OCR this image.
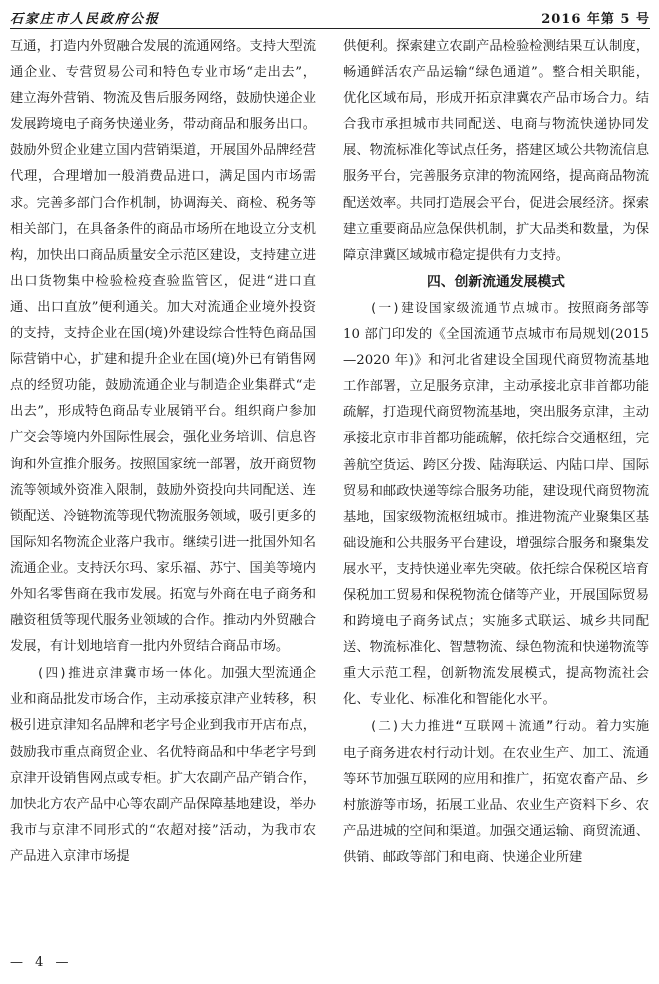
石家庄市人民政府公报	2016 年第 5 号

互通，打造内外贸融合发展的流通网络。支持大型流通企业、专营贸易公司和特色专业市场“走出去”，建立海外营销、物流及售后服务网络，鼓励快递企业发展跨境电子商务快递业务，带动商品和服务出口。鼓励外贸企业建立国内营销渠道，开展国外品牌经营代理，合理增加一般消费品进口，满足国内市场需求。完善多部门合作机制，协调海关、商检、税务等相关部门，在具备条件的商品市场所在地设立分支机构，加快出口商品质量安全示范区建设，支持建立进出口货物集中检验检疫查验监管区，促进“进口直通、出口直放”便利通关。加大对流通企业境外投资的支持，支持企业在国(境)外建设综合性特色商品国际营销中心，扩建和提升企业在国(境)外已有销售网点的经贸功能，鼓励流通企业与制造企业集群式“走出去”，形成特色商品专业展销平台。组织商户参加广交会等境内外国际性展会，强化业务培训、信息咨询和外宣推介服务。按照国家统一部署，放开商贸物流等领域外资准入限制，鼓励外资投向共同配送、连锁配送、冷链物流等现代物流服务领域，吸引更多的国际知名物流企业落户我市。继续引进一批国外知名流通企业。支持沃尔玛、家乐福、苏宁、国美等境内外知名零售商在我市发展。拓宽与外商在电子商务和融资租赁等现代服务业领域的合作。推动内外贸融合发展，有计划地培育一批内外贸结合商品市场。

(四)推进京津冀市场一体化。加强大型流通企业和商品批发市场合作，主动承接京津产业转移，积极引进京津知名品牌和老字号企业到我市开店布点，鼓励我市重点商贸企业、名优特商品和中华老字号到京津开设销售网点或专柜。扩大农副产品产销合作，加快北方农产品中心等农副产品保障基地建设，举办我市与京津不同形式的“农超对接”活动，为我市农产品进入京津市场提

供便利。探索建立农副产品检验检测结果互认制度，畅通鲜活农产品运输“绿色通道”。整合相关职能，优化区域布局，形成开拓京津冀农产品市场合力。结合我市承担城市共同配送、电商与物流快递协同发展、物流标准化等试点任务，搭建区域公共物流信息服务平台，完善服务京津的物流网络，提高商品物流配送效率。共同打造展会平台，促进会展经济。探索建立重要商品应急保供机制，扩大品类和数量，为保障京津冀区域城市稳定提供有力支持。

四、创新流通发展模式

(一)建设国家级流通节点城市。按照商务部等 10 部门印发的《全国流通节点城市布局规划(2015—2020 年)》和河北省建设全国现代商贸物流基地工作部署，立足服务京津，主动承接北京非首都功能疏解，打造现代商贸物流基地，突出服务京津，主动承接北京市非首都功能疏解，依托综合交通枢纽，完善航空货运、跨区分拨、陆海联运、内陆口岸、国际贸易和邮政快递等综合服务功能，建设现代商贸物流基地，国家级物流枢纽城市。推进物流产业聚集区基础设施和公共服务平台建设，增强综合服务和聚集发展水平，支持快递业率先突破。依托综合保税区培育保税加工贸易和保税物流仓储等产业，开展国际贸易和跨境电子商务试点；实施多式联运、城乡共同配送、物流标准化、智慧物流、绿色物流和快递物流等重大示范工程，创新物流发展模式，提高物流社会化、专业化、标准化和智能化水平。

(二)大力推进“互联网＋流通”行动。着力实施电子商务进农村行动计划。在农业生产、加工、流通等环节加强互联网的应用和推广，拓宽农畜产品、乡村旅游等市场，拓展工业品、农业生产资料下乡、农产品进城的空间和渠道。加强交通运输、商贸流通、供销、邮政等部门和电商、快递企业所建

— 4 —
